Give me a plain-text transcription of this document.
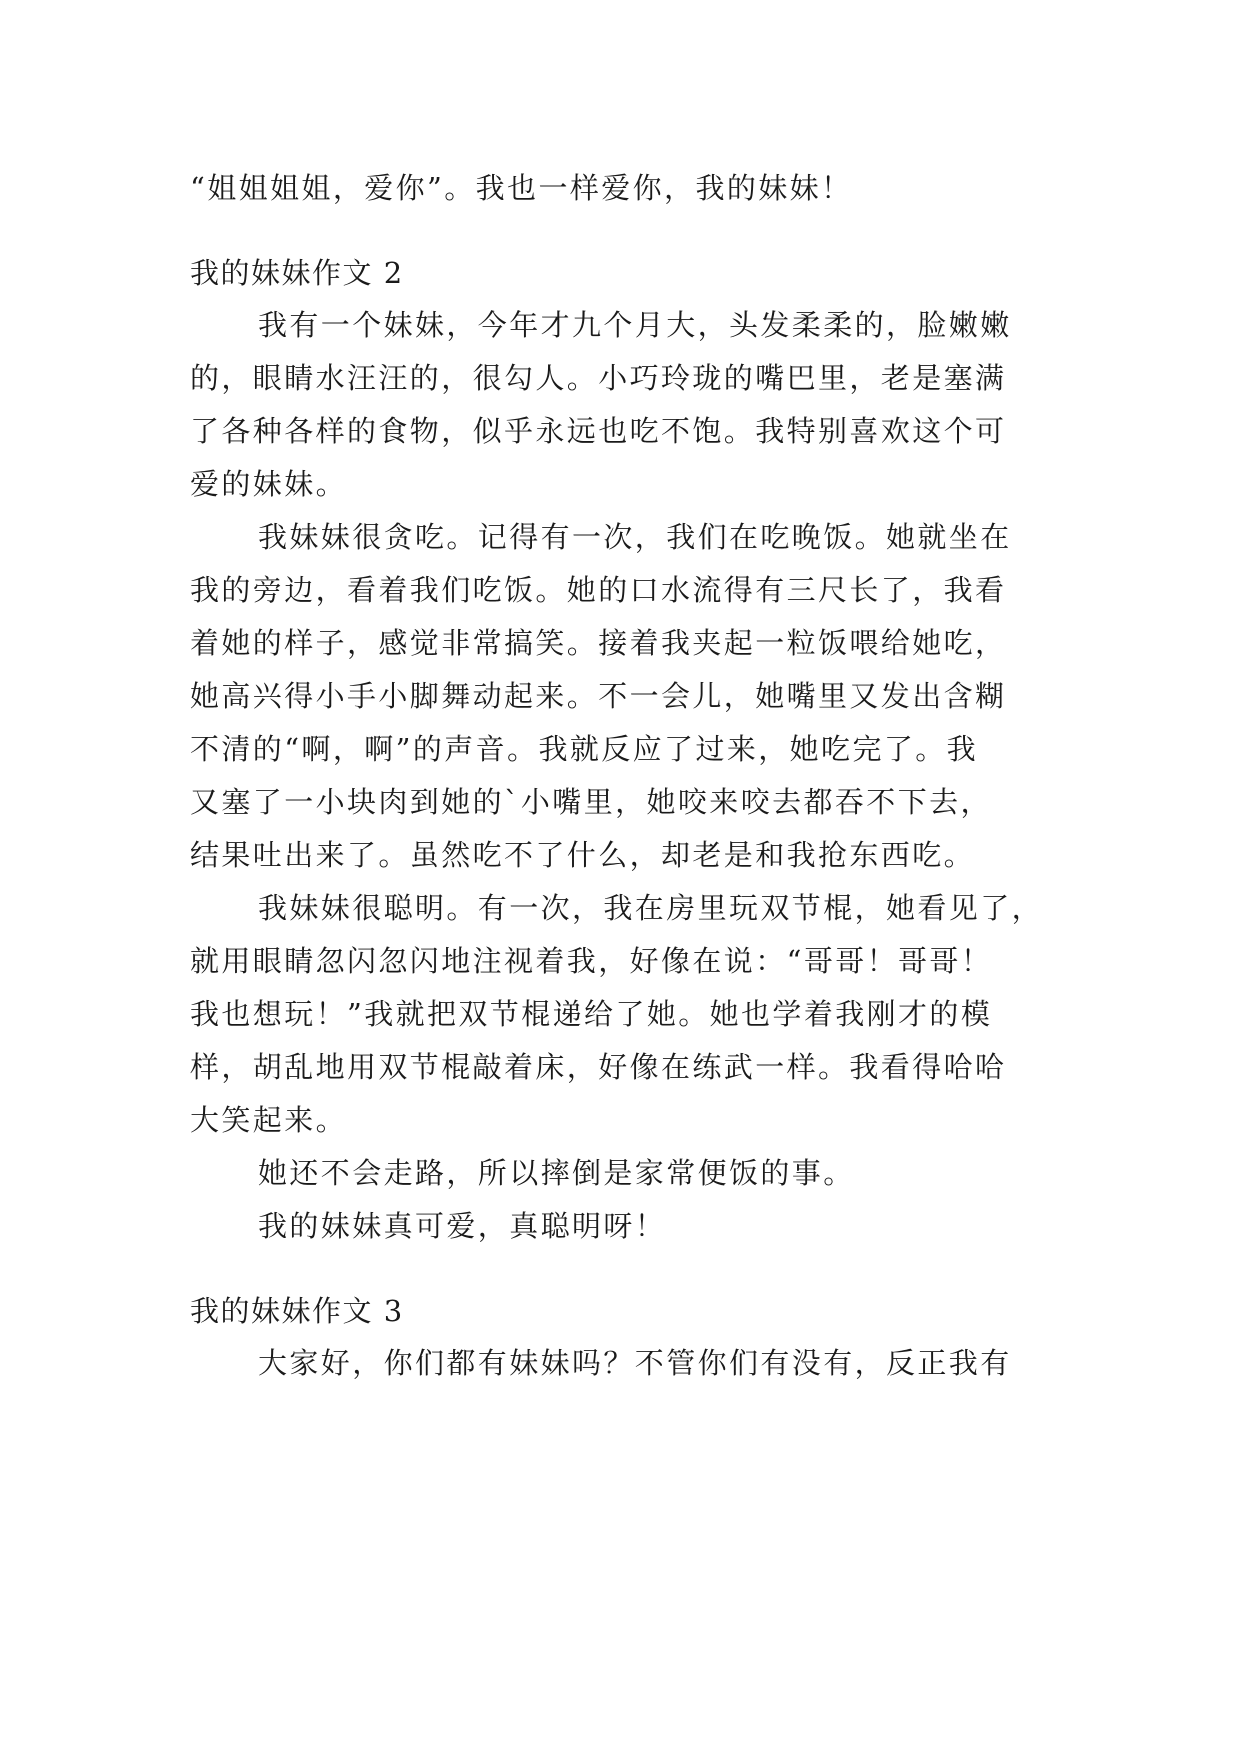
“姐姐姐姐，爱你”。我也一样爱你，我的妹妹！
我的妹妹作文 2
我有一个妹妹，今年才九个月大，头发柔柔的，脸嫩嫩
的，眼睛水汪汪的，很勾人。小巧玲珑的嘴巴里，老是塞满
了各种各样的食物，似乎永远也吃不饱。我特别喜欢这个可
爱的妹妹。
我妹妹很贪吃。记得有一次，我们在吃晚饭。她就坐在
我的旁边，看着我们吃饭。她的口水流得有三尺长了，我看
着她的样子，感觉非常搞笑。接着我夹起一粒饭喂给她吃，
她高兴得小手小脚舞动起来。不一会儿，她嘴里又发出含糊
不清的“啊，啊”的声音。我就反应了过来，她吃完了。我
又塞了一小块肉到她的`小嘴里，她咬来咬去都吞不下去，
结果吐出来了。虽然吃不了什么，却老是和我抢东西吃。
我妹妹很聪明。有一次，我在房里玩双节棍，她看见了，
就用眼睛忽闪忽闪地注视着我，好像在说：“哥哥！哥哥！
我也想玩！”我就把双节棍递给了她。她也学着我刚才的模
样，胡乱地用双节棍敲着床，好像在练武一样。我看得哈哈
大笑起来。
她还不会走路，所以摔倒是家常便饭的事。
我的妹妹真可爱，真聪明呀！
我的妹妹作文 3
大家好，你们都有妹妹吗？不管你们有没有，反正我有
